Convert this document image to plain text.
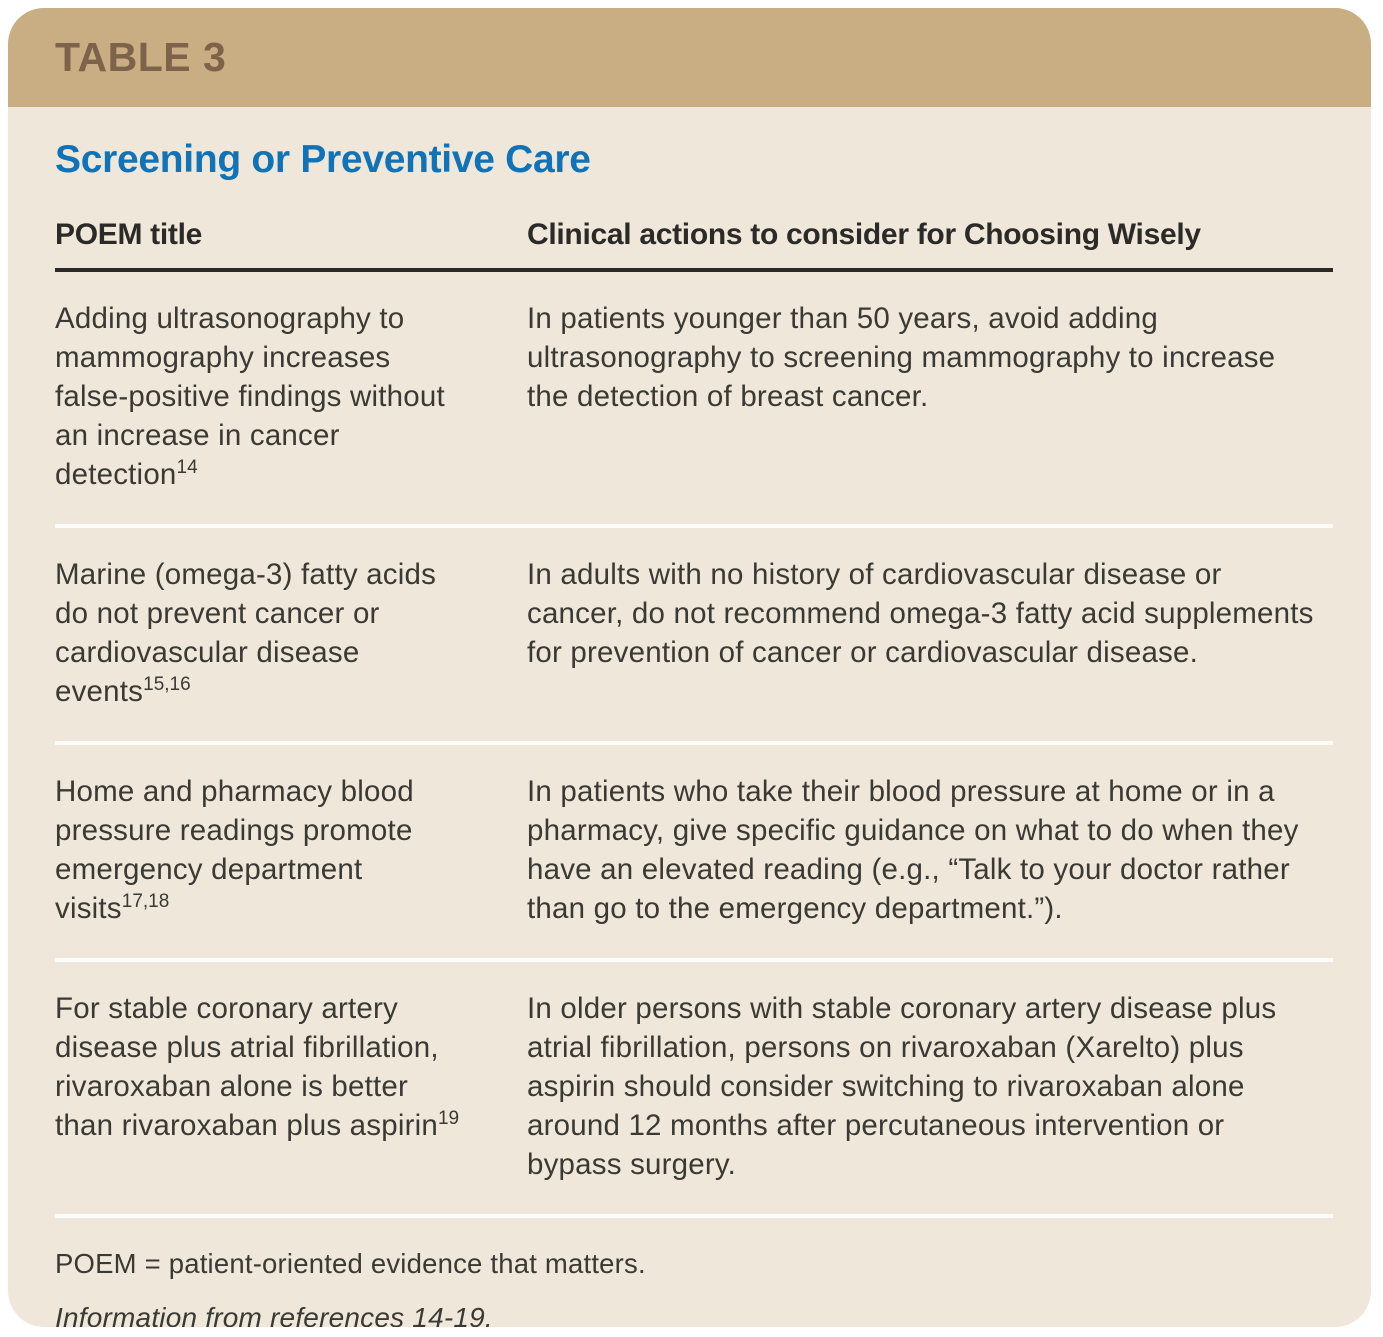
TABLE 3
Screening or Preventive Care
POEM title	Clinical actions to consider for Choosing Wisely
Adding ultrasonography to mammography increases false-positive findings without an increase in cancer detection$^{14}$
In patients younger than 50 years, avoid adding ultrasonography to screening mammography to increase the detection of breast cancer.
Marine (omega-3) fatty acids do not prevent cancer or cardiovascular disease events$^{15,16}$
In adults with no history of cardiovascular disease or cancer, do not recommend omega-3 fatty acid supplements for prevention of cancer or cardiovascular disease.
Home and pharmacy blood pressure readings promote emergency department visits$^{17,18}$
In patients who take their blood pressure at home or in a pharmacy, give specific guidance on what to do when they have an elevated reading (e.g., “Talk to your doctor rather than go to the emergency department.”).
For stable coronary artery disease plus atrial fibrillation, rivaroxaban alone is better than rivaroxaban plus aspirin$^{19}$
In older persons with stable coronary artery disease plus atrial fibrillation, persons on rivaroxaban (Xarelto) plus aspirin should consider switching to rivaroxaban alone around 12 months after percutaneous intervention or bypass surgery.
POEM = patient-oriented evidence that matters.
Information from references 14-19.
